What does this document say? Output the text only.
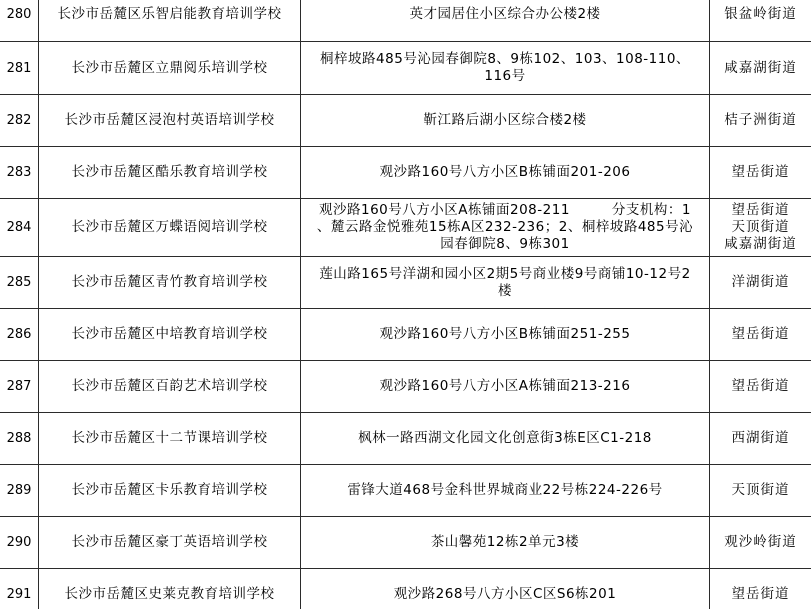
280	长沙市岳麓区乐智启能教育培训学校	英才园居住小区综合办公楼2楼	银盆岭街道

281	长沙市岳麓区立鼎阅乐培训学校	桐梓坡路485号沁园春御院8、9栋102、103、108-110、
116号	咸嘉湖街道

282	长沙市岳麓区浸泡村英语培训学校	靳江路后湖小区综合楼2楼	桔子洲街道

283	长沙市岳麓区酷乐教育培训学校	观沙路160号八方小区B栋铺面201-206	望岳街道

284	长沙市岳麓区万蝶语阅培训学校	观沙路160号八方小区A栋铺面208-211　　　分支机构：1
、麓云路金悦雅苑15栋A区232-236；2、桐梓坡路485号沁
园春御院8、9栋301	望岳街道
天顶街道
咸嘉湖街道

285	长沙市岳麓区青竹教育培训学校	莲山路165号洋湖和园小区2期5号商业楼9号商铺10-12号2
楼	洋湖街道

286	长沙市岳麓区中培教育培训学校	观沙路160号八方小区B栋铺面251-255	望岳街道

287	长沙市岳麓区百韵艺术培训学校	观沙路160号八方小区A栋铺面213-216	望岳街道

288	长沙市岳麓区十二节课培训学校	枫林一路西湖文化园文化创意街3栋E区C1-218	西湖街道

289	长沙市岳麓区卡乐教育培训学校	雷锋大道468号金科世界城商业22号栋224-226号	天顶街道

290	长沙市岳麓区豪丁英语培训学校	茶山馨苑12栋2单元3楼	观沙岭街道

291	长沙市岳麓区史莱克教育培训学校	观沙路268号八方小区C区S6栋201	望岳街道
